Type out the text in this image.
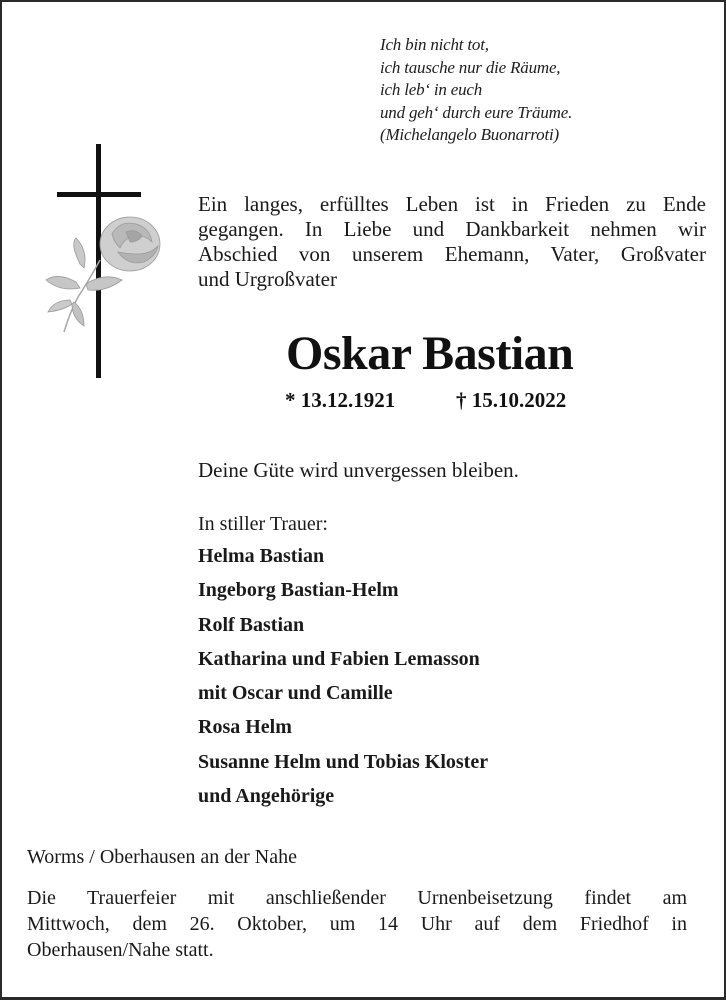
Ich bin nicht tot,
ich tausche nur die Räume,
ich leb‘ in euch
und geh‘ durch eure Träume.
(Michelangelo Buonarroti)
Ein langes, erfülltes Leben ist in Frieden zu Ende
gegangen. In Liebe und Dankbarkeit nehmen wir
Abschied von unserem Ehemann, Vater, Großvater
und Urgroßvater
Oskar Bastian
* 13.12.1921	† 15.10.2022
Deine Güte wird unvergessen bleiben.
In stiller Trauer:
Helma Bastian
Ingeborg Bastian-Helm
Rolf Bastian
Katharina und Fabien Lemasson
mit Oscar und Camille
Rosa Helm
Susanne Helm und Tobias Kloster
und Angehörige
Worms / Oberhausen an der Nahe
Die Trauerfeier mit anschließender Urnenbeisetzung findet am
Mittwoch, dem 26. Oktober, um 14 Uhr auf dem Friedhof in
Oberhausen/Nahe statt.
